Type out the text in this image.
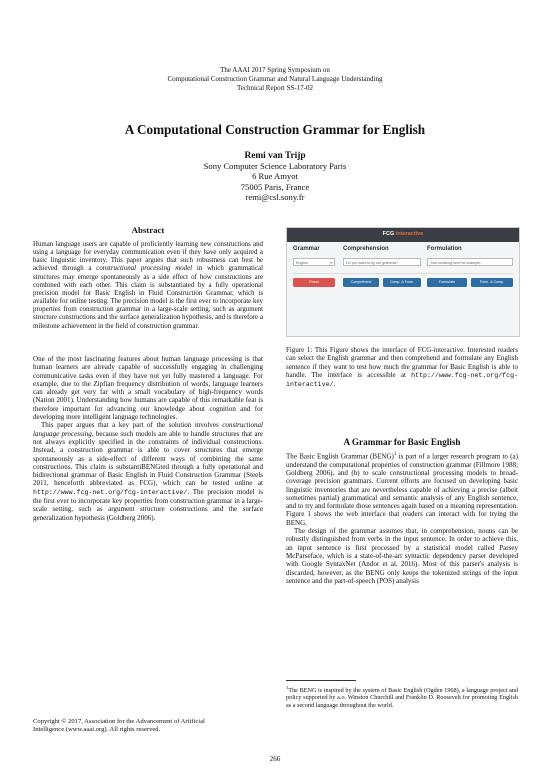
The AAAI 2017 Spring Symposium on
Computational Construction Grammar and Natural Language Understanding
Technical Report SS-17-02
A Computational Construction Grammar for English
Remi van Trijp
Sony Computer Science Laboratory Paris
6 Rue Amyot
75005 Paris, France
remi@csl.sony.fr
Abstract
Human language users are capable of proficiently learning new constructions and using a language for everyday communication even if they have only acquired a basic linguistic inventory. This paper argues that such robustness can best be achieved through a constructional processing model in which grammatical structures may emerge spontaneously as a side effect of how constructions are combined with each other. This claim is substantiated by a fully operational precision model for Basic English in Fluid Construction Grammar, which is available for online testing. The precision model is the first ever to incorporate key properties from construction grammar in a large-scale setting, such as argument structure constructions and the surface generalization hypothesis, and is therefore a milestone achievement in the field of construction grammar.

One of the most fascinating features about human language processing is that human learners are already capable of successfully engaging in challenging communicative tasks even if they have not yet fully mastered a language. For example, due to the Zipfian frequency distribution of words, language learners can already get very far with a small vocabulary of high-frequency words (Nation 2001). Understanding how humans are capable of this remarkable feat is therefore important for advancing our knowledge about cognition and for developing more intelligent language technologies.

This paper argues that a key part of the solution involves constructional language processing, because such models are able to handle structures that are not always explicitly specified in the constraints of individual constructions. Instead, a construction grammar is able to cover structures that emerge spontaneously as a side-effect of different ways of combining the same constructions. This claim is substantiBENGted through a fully operational and bidirectional grammar of Basic English in Fluid Construction Grammar (Steels 2011, henceforth abbreviated as FCG), which can be tested online at http://www.fcg-net.org/fcg-interactive/. The precision model is the first ever to incorporate key properties from construction grammar in a large-scale setting, such as argument structure constructions and the surface generalization hypothesis (Goldberg 2006).

Copyright © 2017, Association for the Advancement of Artificial
Intelligence (www.aaai.org). All rights reserved.
FCG interactive
Grammar	Comprehension	Formulation
English	▾	Do you want to try our grammar?	Your meaning here for example...
Reset	Comprehend	Comp. & Form.	Formulate	Form. & Comp.
Figure 1: This Figure shows the interface of FCG-interactive. Interested readers can select the English grammar and then comprehend and formulate any English sentence if they want to test how much the grammar for Basic English is able to handle. The interface is accessible at http://www.fcg-net.org/fcg-interactive/.
A Grammar for Basic English

The Basic English Grammar (BENG)$^1$ is part of a larger research program to (a) understand the computational properties of construction grammar (Fillmore 1988; Goldberg 2006), and (b) to scale constructional processing models to broad-coverage precision grammars. Current efforts are focused on developing basic linguistic inventories that are nevertheless capable of achieving a precise (albeit sometimes partial) grammatical and semantic analysis of any English sentence, and to try and formulate those sentences again based on a meaning representation. Figure 1 shows the web interface that readers can interact with for trying the BENG.

The design of the grammar assumes that, in comprehension, nouns can be robustly distinguished from verbs in the input sentence. In order to achieve this, an input sentence is first processed by a statistical model called Parsey McParseface, which is a state-of-the-art syntactic dependency parser developed with Google SyntaxNet (Andor et al. 2016). Most of this parser's analysis is discarded, however, as the BENG only keeps the tokenized strings of the input sentence and the part-of-speech (POS) analysis

$^1$The BENG is inspired by the system of Basic English (Ogden 1968), a language project and policy supported by a.o. Winston Churchill and Franklin D. Roosevelt for promoting English as a second language throughout the world.
266
